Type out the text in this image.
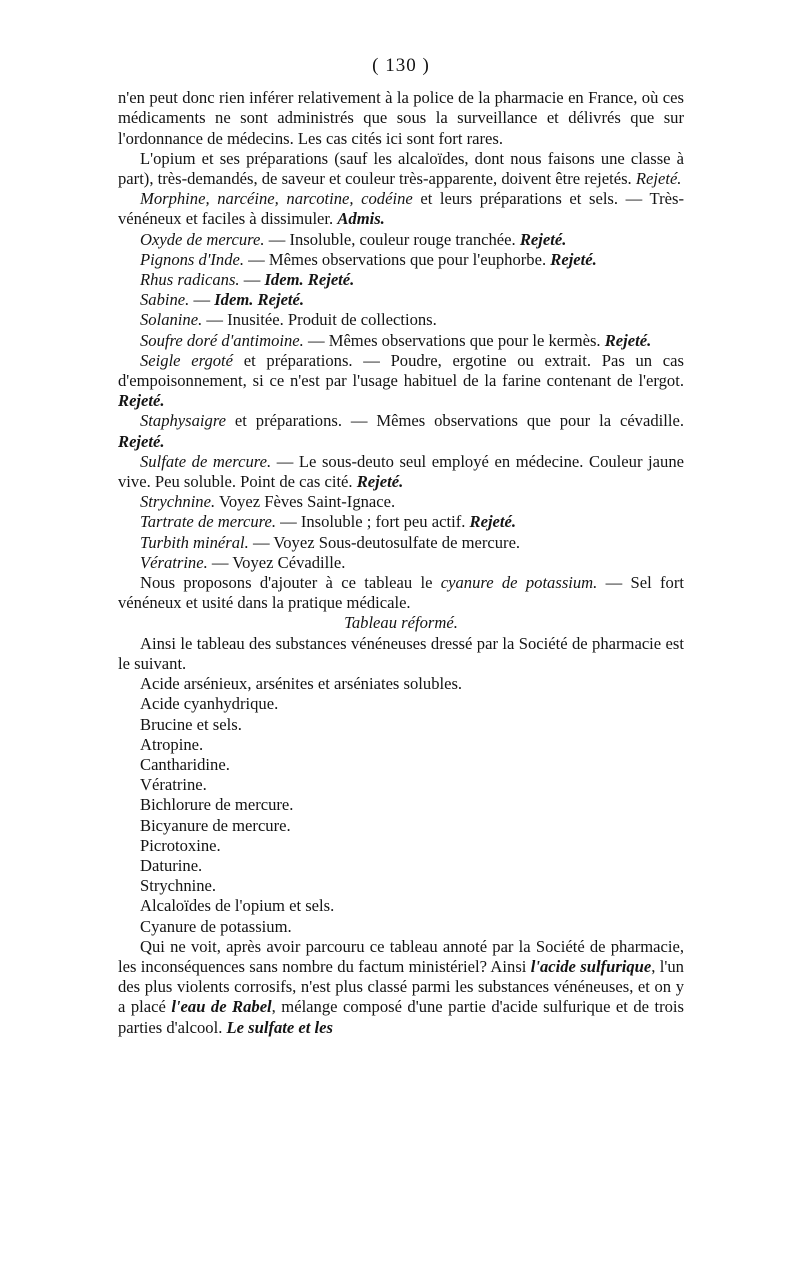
( 130 )

n'en peut donc rien inférer relativement à la police de la pharmacie en France, où ces médicaments ne sont administrés que sous la surveillance et délivrés que sur l'ordonnance de médecins. Les cas cités ici sont fort rares.

L'opium et ses préparations (sauf les alcaloïdes, dont nous faisons une classe à part), très-demandés, de saveur et couleur très-apparente, doivent être rejetés. Rejeté.

Morphine, narcéine, narcotine, codéine et leurs préparations et sels. — Très-vénéneux et faciles à dissimuler. Admis.

Oxyde de mercure. — Insoluble, couleur rouge tranchée. Rejeté.

Pignons d'Inde. — Mêmes observations que pour l'euphorbe. Rejeté.

Rhus radicans. — Idem. Rejeté.

Sabine. — Idem. Rejeté.

Solanine. — Inusitée. Produit de collections.

Soufre doré d'antimoine. — Mêmes observations que pour le kermès. Rejeté.

Seigle ergoté et préparations. — Poudre, ergotine ou extrait. Pas un cas d'empoisonnement, si ce n'est par l'usage habituel de la farine contenant de l'ergot. Rejeté.

Staphysaigre et préparations. — Mêmes observations que pour la cévadille. Rejeté.

Sulfate de mercure. — Le sous-deuto seul employé en médecine. Couleur jaune vive. Peu soluble. Point de cas cité. Rejeté.

Strychnine. Voyez Fèves Saint-Ignace.

Tartrate de mercure. — Insoluble ; fort peu actif. Rejeté.

Turbith minéral. — Voyez Sous-deutosulfate de mercure.

Vératrine. — Voyez Cévadille.

Nous proposons d'ajouter à ce tableau le cyanure de potassium. — Sel fort vénéneux et usité dans la pratique médicale.

Tableau réformé.

Ainsi le tableau des substances vénéneuses dressé par la Société de pharmacie est le suivant.

Acide arsénieux, arsénites et arséniates solubles.

Acide cyanhydrique.

Brucine et sels.

Atropine.

Cantharidine.

Vératrine.

Bichlorure de mercure.

Bicyanure de mercure.

Picrotoxine.

Daturine.

Strychnine.

Alcaloïdes de l'opium et sels.

Cyanure de potassium.

Qui ne voit, après avoir parcouru ce tableau annoté par la Société de pharmacie, les inconséquences sans nombre du factum ministériel? Ainsi l'acide sulfurique, l'un des plus violents corrosifs, n'est plus classé parmi les substances vénéneuses, et on y a placé l'eau de Rabel, mélange composé d'une partie d'acide sulfurique et de trois parties d'alcool. Le sulfate et les
